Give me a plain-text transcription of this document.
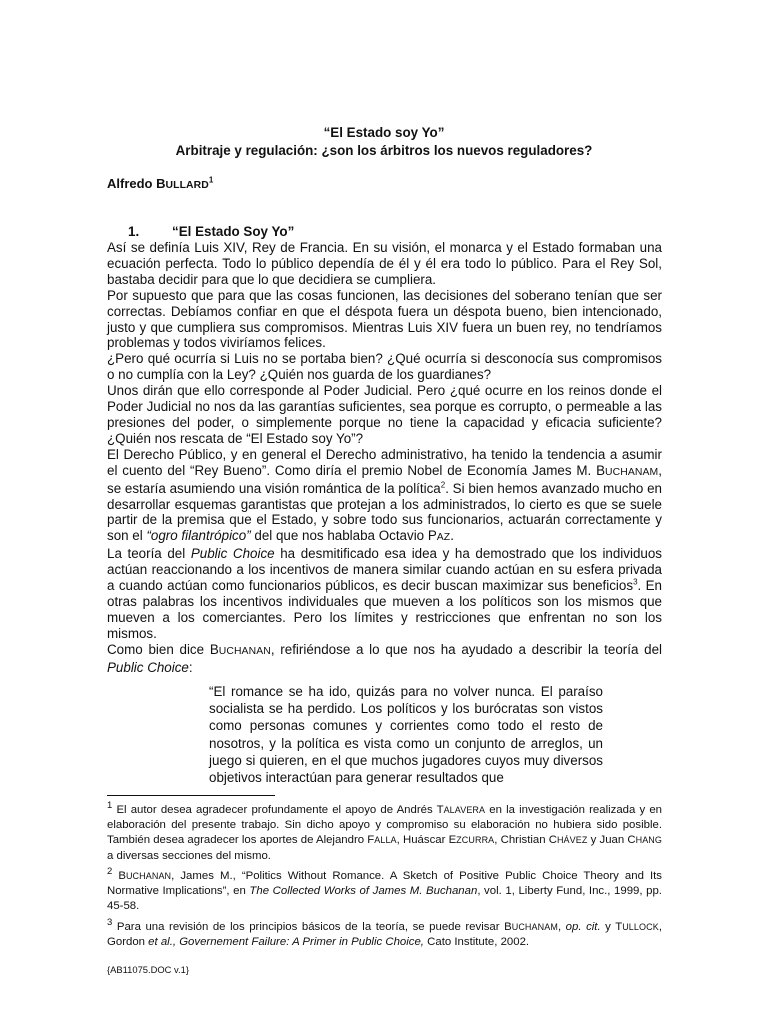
“El Estado soy Yo”
Arbitraje y regulación: ¿son los árbitros los nuevos reguladores?
Alfredo BULLARD$^1$
1. “El Estado Soy Yo”

Así se definía Luis XIV, Rey de Francia. En su visión, el monarca y el Estado formaban una ecuación perfecta. Todo lo público dependía de él y él era todo lo público. Para el Rey Sol, bastaba decidir para que lo que decidiera se cumpliera.

Por supuesto que para que las cosas funcionen, las decisiones del soberano tenían que ser correctas. Debíamos confiar en que el déspota fuera un déspota bueno, bien intencionado, justo y que cumpliera sus compromisos. Mientras Luis XIV fuera un buen rey, no tendríamos problemas y todos viviríamos felices.

¿Pero qué ocurría si Luis no se portaba bien? ¿Qué ocurría si desconocía sus compromisos o no cumplía con la Ley? ¿Quién nos guarda de los guardianes?

Unos dirán que ello corresponde al Poder Judicial. Pero ¿qué ocurre en los reinos donde el Poder Judicial no nos da las garantías suficientes, sea porque es corrupto, o permeable a las presiones del poder, o simplemente porque no tiene la capacidad y eficacia suficiente? ¿Quién nos rescata de “El Estado soy Yo”?

El Derecho Público, y en general el Derecho administrativo, ha tenido la tendencia a asumir el cuento del “Rey Bueno”. Como diría el premio Nobel de Economía James M. BUCHANAM, se estaría asumiendo una visión romántica de la política$^2$. Si bien hemos avanzado mucho en desarrollar esquemas garantistas que protejan a los administrados, lo cierto es que se suele partir de la premisa que el Estado, y sobre todo sus funcionarios, actuarán correctamente y son el “ogro filantrópico” del que nos hablaba Octavio PAZ.

La teoría del Public Choice ha desmitificado esa idea y ha demostrado que los individuos actúan reaccionando a los incentivos de manera similar cuando actúan en su esfera privada a cuando actúan como funcionarios públicos, es decir buscan maximizar sus beneficios$^3$. En otras palabras los incentivos individuales que mueven a los políticos son los mismos que mueven a los comerciantes. Pero los límites y restricciones que enfrentan no son los mismos.

Como bien dice BUCHANAN, refiriéndose a lo que nos ha ayudado a describir la teoría del Public Choice:

“El romance se ha ido, quizás para no volver nunca. El paraíso socialista se ha perdido. Los políticos y los burócratas son vistos como personas comunes y corrientes como todo el resto de nosotros, y la política es vista como un conjunto de arreglos, un juego si quieren, en el que muchos jugadores cuyos muy diversos objetivos interactúan para generar resultados que

$^1$ El autor desea agradecer profundamente el apoyo de Andrés TALAVERA en la investigación realizada y en elaboración del presente trabajo. Sin dicho apoyo y compromiso su elaboración no hubiera sido posible. También desea agradecer los aportes de Alejandro FALLA, Huáscar EZCURRA, Christian CHÁVEZ y Juan CHANG a diversas secciones del mismo.

$^2$ BUCHANAN, James M., “Politics Without Romance. A Sketch of Positive Public Choice Theory and Its Normative Implications”, en The Collected Works of James M. Buchanan, vol. 1, Liberty Fund, Inc., 1999, pp. 45-58.

$^3$ Para una revisión de los principios básicos de la teoría, se puede revisar BUCHANAM, op. cit. y TULLOCK, Gordon et al., Governement Failure: A Primer in Public Choice, Cato Institute, 2002.

{AB11075.DOC v.1}
